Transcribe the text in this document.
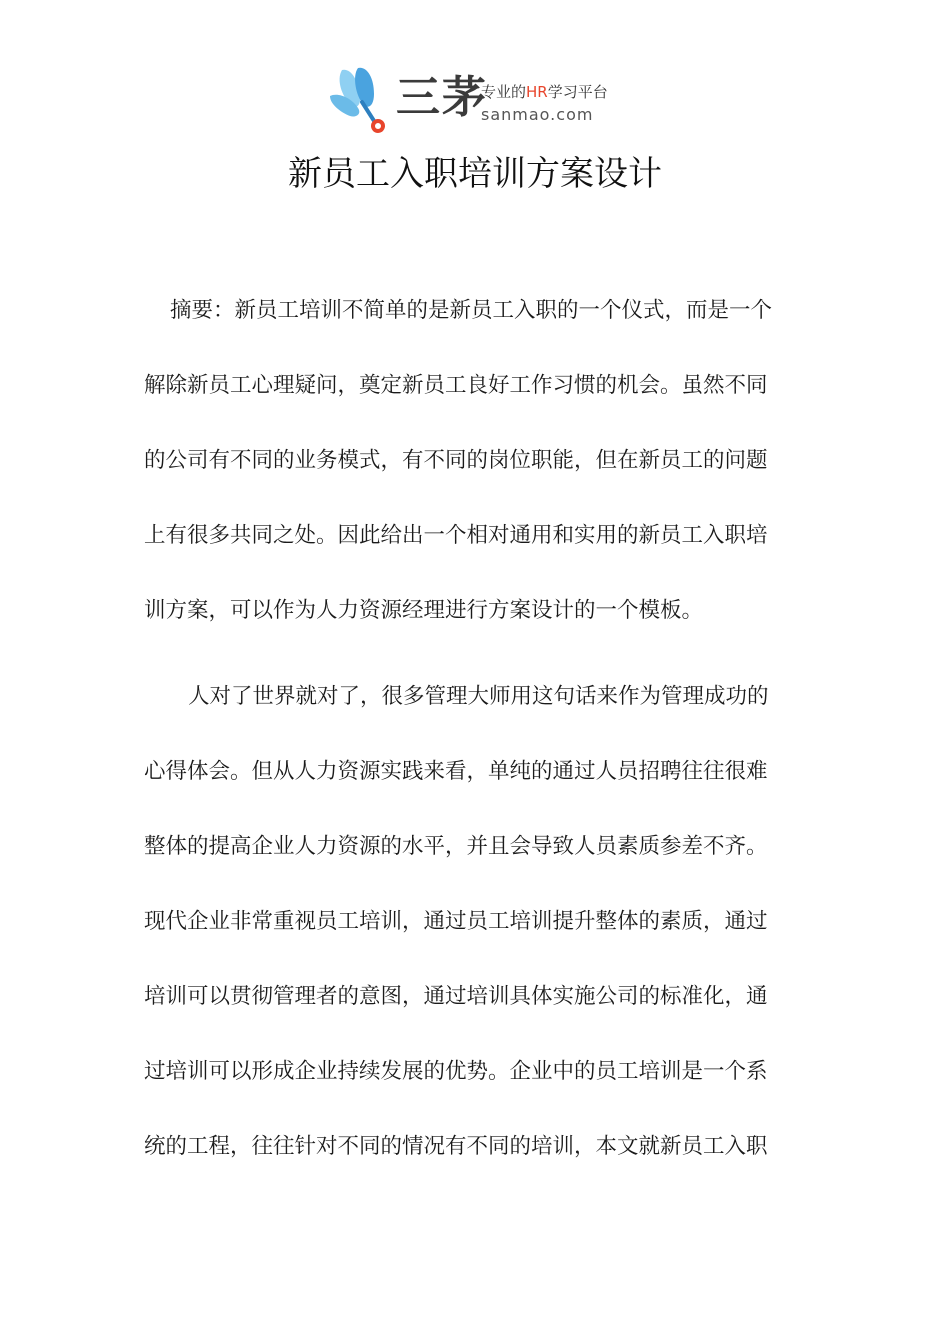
三茅
专业的HR学习平台
sanmao.com
新员工入职培训方案设计
摘要：新员工培训不简单的是新员工入职的一个仪式，而是一个
解除新员工心理疑问，奠定新员工良好工作习惯的机会。虽然不同
的公司有不同的业务模式，有不同的岗位职能，但在新员工的问题
上有很多共同之处。因此给出一个相对通用和实用的新员工入职培
训方案，可以作为人力资源经理进行方案设计的一个模板。
人对了世界就对了，很多管理大师用这句话来作为管理成功的
心得体会。但从人力资源实践来看，单纯的通过人员招聘往往很难
整体的提高企业人力资源的水平，并且会导致人员素质参差不齐。
现代企业非常重视员工培训，通过员工培训提升整体的素质，通过
培训可以贯彻管理者的意图，通过培训具体实施公司的标准化，通
过培训可以形成企业持续发展的优势。企业中的员工培训是一个系
统的工程，往往针对不同的情况有不同的培训，本文就新员工入职
